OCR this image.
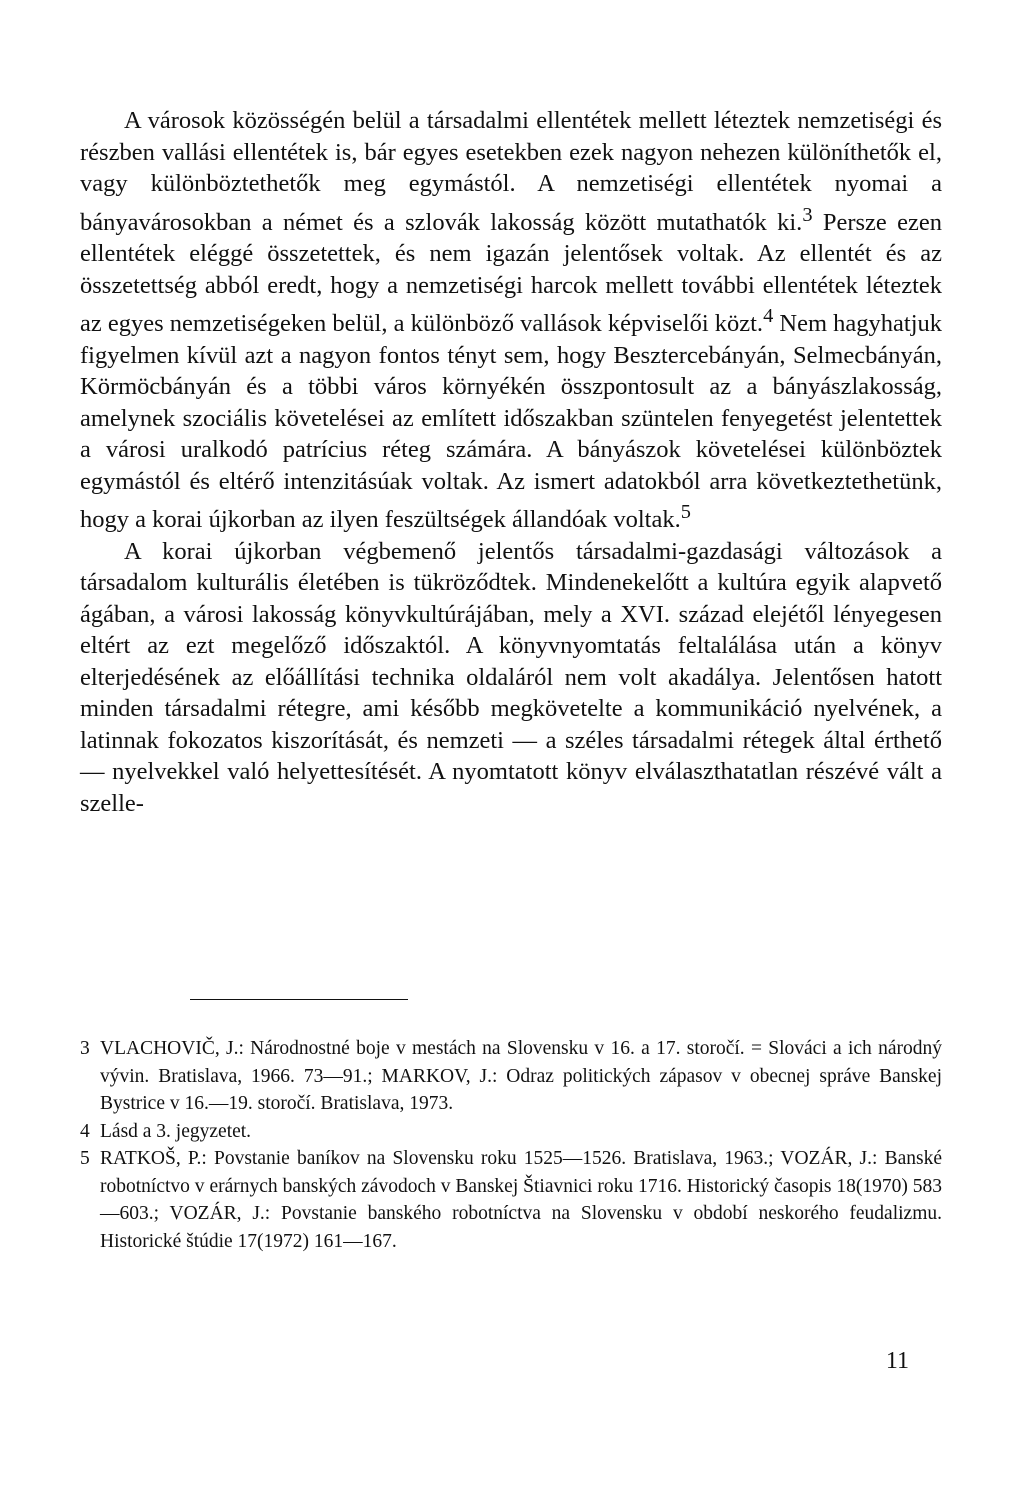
A városok közösségén belül a társadalmi ellentétek mellett léteztek nemzetiségi és részben vallási ellentétek is, bár egyes esetekben ezek nagyon nehezen különíthetők el, vagy különböztethetők meg egymástól. A nemzetiségi ellentétek nyomai a bányavárosokban a német és a szlovák lakosság között mutathatók ki.$^3$ Persze ezen ellentétek eléggé összetettek, és nem igazán jelentősek voltak. Az ellentét és az összetettség abból eredt, hogy a nemzetiségi harcok mellett további ellentétek léteztek az egyes nemzetiségeken belül, a különböző vallások képviselői közt.$^4$ Nem hagyhatjuk figyelmen kívül azt a nagyon fontos tényt sem, hogy Besztercebányán, Selmecbányán, Körmöcbányán és a többi város környékén összpontosult az a bányászlakosság, amelynek szociális követelései az említett időszakban szüntelen fenyegetést jelentettek a városi uralkodó patrícius réteg számára. A bányászok követelései különböztek egymástól és eltérő intenzitásúak voltak. Az ismert adatokból arra következtethetünk, hogy a korai újkorban az ilyen feszültségek állandóak voltak.$^5$

A korai újkorban végbemenő jelentős társadalmi-gazdasági változások a társadalom kulturális életében is tükröződtek. Mindenekelőtt a kultúra egyik alapvető ágában, a városi lakosság könyvkultúrájában, mely a XVI. század elejétől lényegesen eltért az ezt megelőző időszaktól. A könyvnyomtatás feltalálása után a könyv elterjedésének az előállítási technika oldaláról nem volt akadálya. Jelentősen hatott minden társadalmi rétegre, ami később megkövetelte a kommunikáció nyelvének, a latinnak fokozatos kiszorítását, és nemzeti — a széles társadalmi rétegek által érthető — nyelvekkel való helyettesítését. A nyomtatott könyv elválaszthatatlan részévé vált a szelle-

3 VLACHOVIČ, J.: Národnostné boje v mestách na Slovensku v 16. a 17. storočí. = Slováci a ich národný vývin. Bratislava, 1966. 73—91.; MARKOV, J.: Odraz politických zápasov v obecnej správe Banskej Bystrice v 16.—19. storočí. Bratislava, 1973.
4 Lásd a 3. jegyzetet.
5 RATKOŠ, P.: Povstanie baníkov na Slovensku roku 1525—1526. Bratislava, 1963.; VOZÁR, J.: Banské robotníctvo v erárnych banských závodoch v Banskej Štiavnici roku 1716. Historický časopis 18(1970) 583—603.; VOZÁR, J.: Povstanie banského robotníctva na Slovensku v období neskorého feudalizmu. Historické štúdie 17(1972) 161—167.
11
